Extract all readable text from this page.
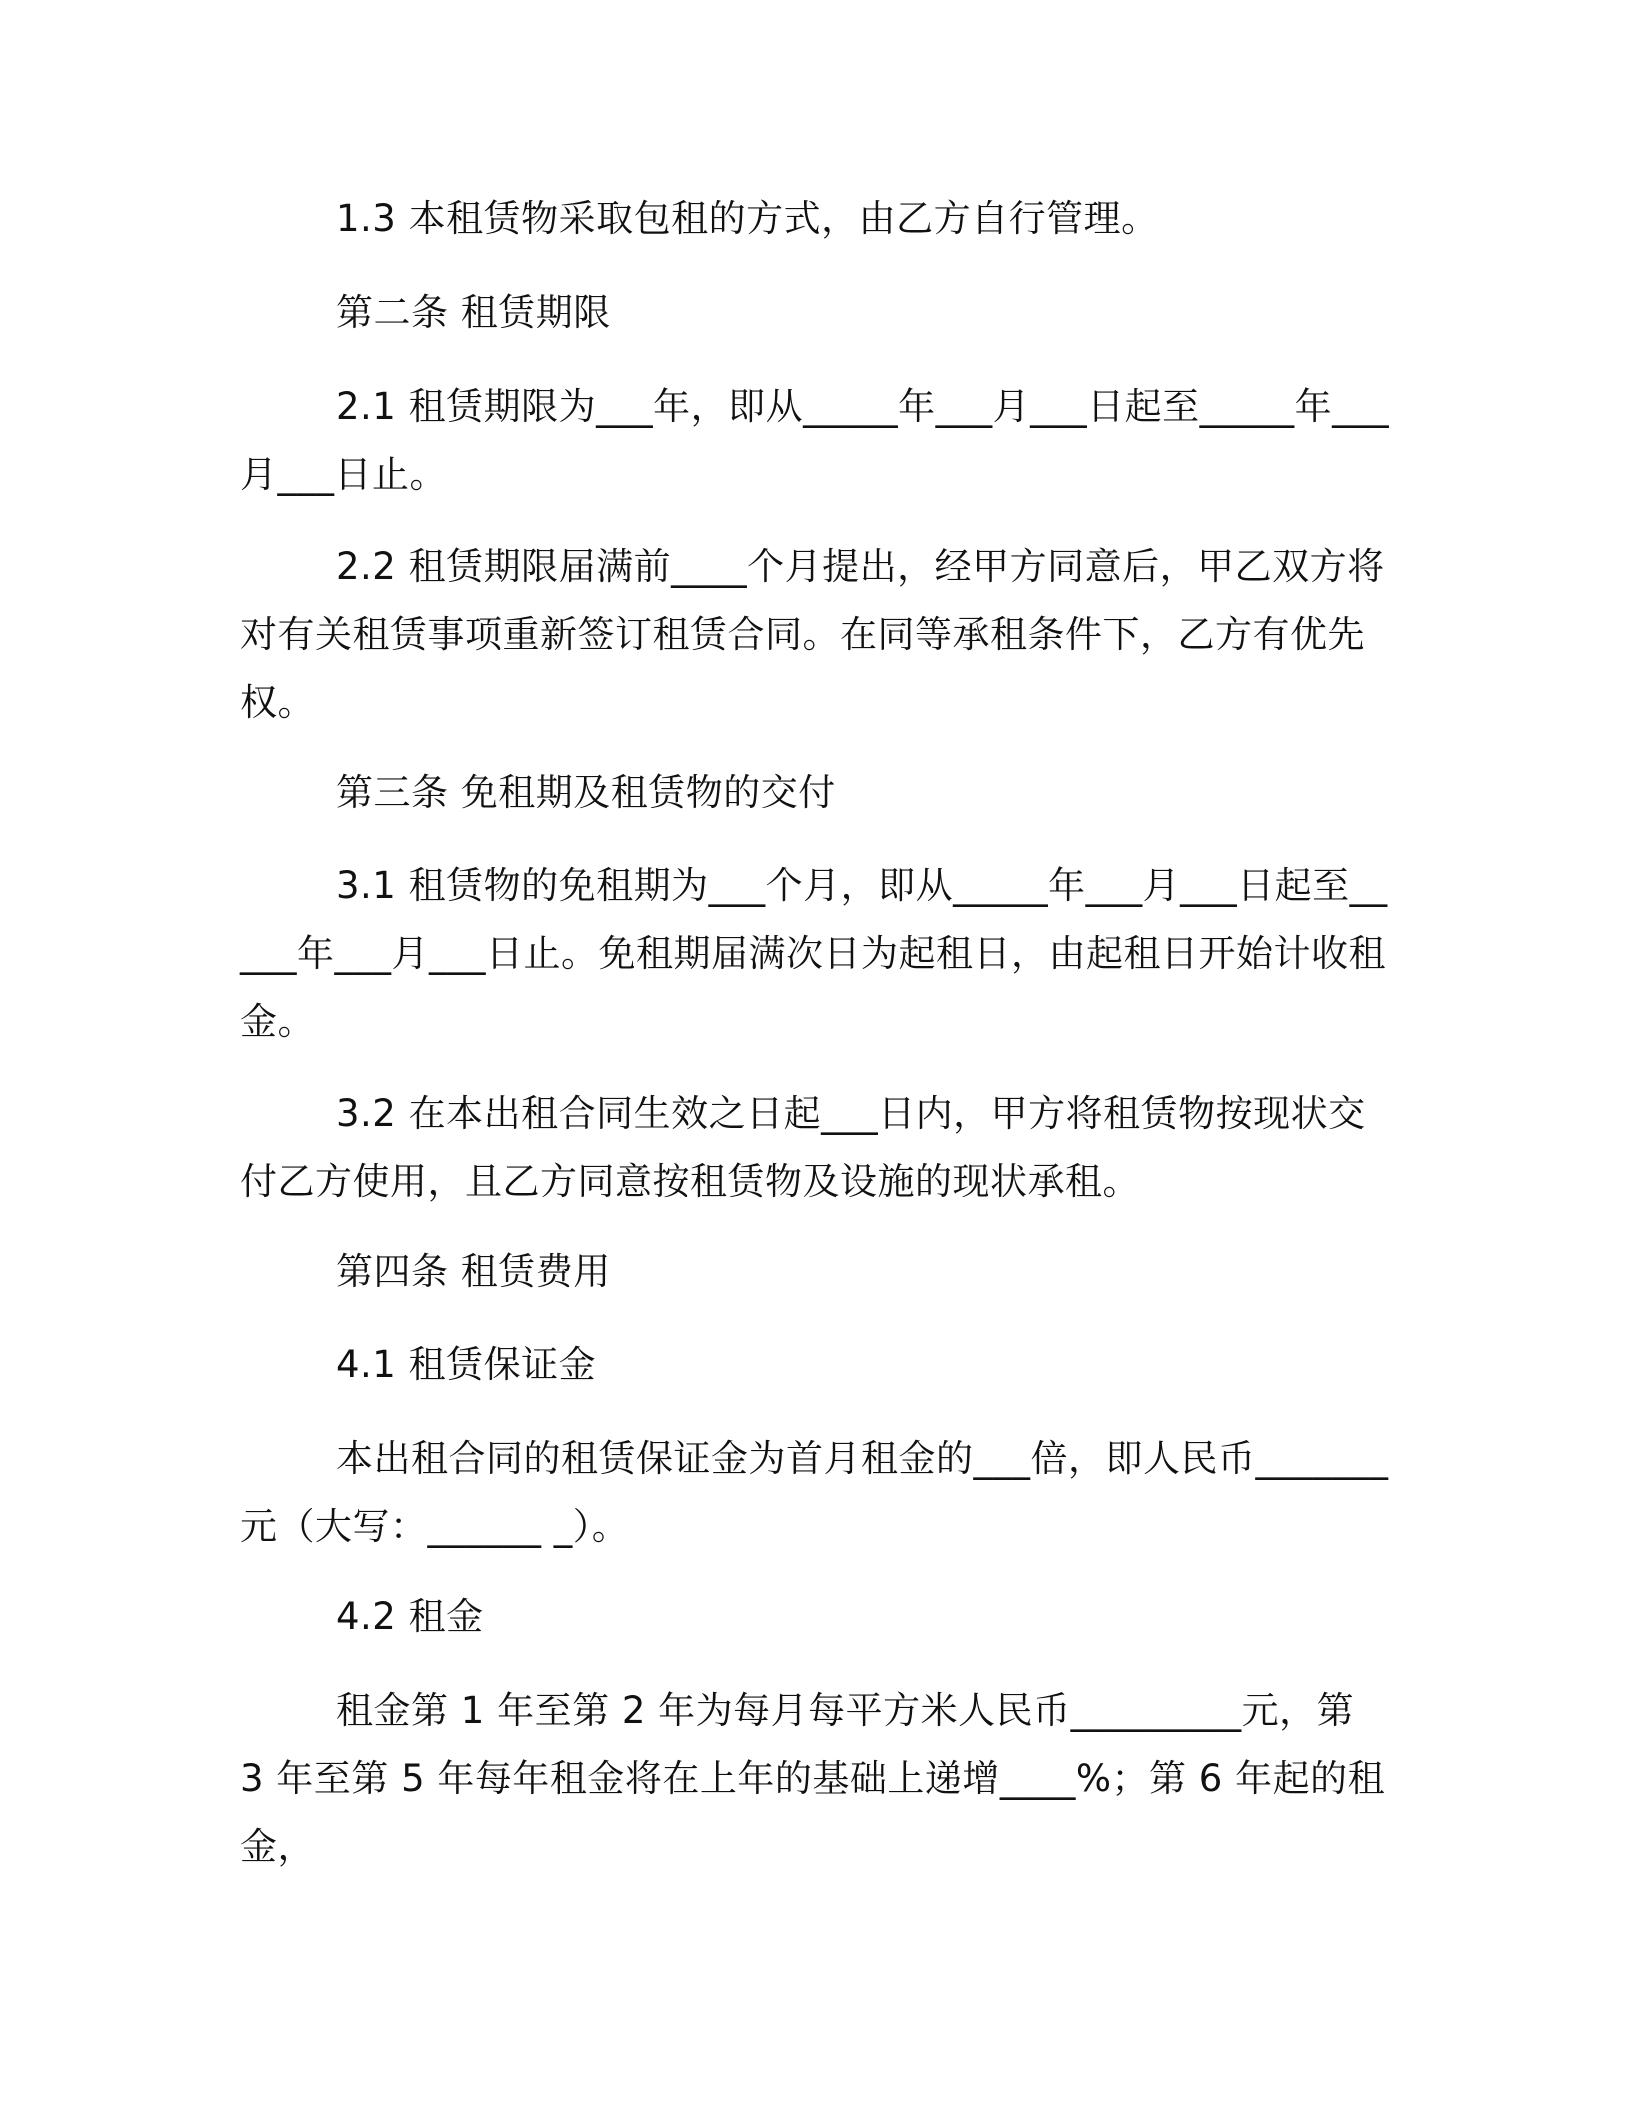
1.3 本租赁物采取包租的方式，由乙方自行管理。

第二条 租赁期限

2.1 租赁期限为___年，即从_____年___月___日起至_____年___月___日止。

2.2 租赁期限届满前____个月提出，经甲方同意后，甲乙双方将对有关租赁事项重新签订租赁合同。在同等承租条件下，乙方有优先权。

第三条 免租期及租赁物的交付

3.1 租赁物的免租期为___个月，即从_____年___月___日起至_____年___月___日止。免租期届满次日为起租日，由起租日开始计收租金。

3.2 在本出租合同生效之日起___日内，甲方将租赁物按现状交付乙方使用，且乙方同意按租赁物及设施的现状承租。

第四条 租赁费用

4.1 租赁保证金

本出租合同的租赁保证金为首月租金的___倍，即人民币_______元（大写：______ _）。

4.2 租金

租金第 1 年至第 2 年为每月每平方米人民币_________元，第 3 年至第 5 年每年租金将在上年的基础上递增____%；第 6 年起的租金，
